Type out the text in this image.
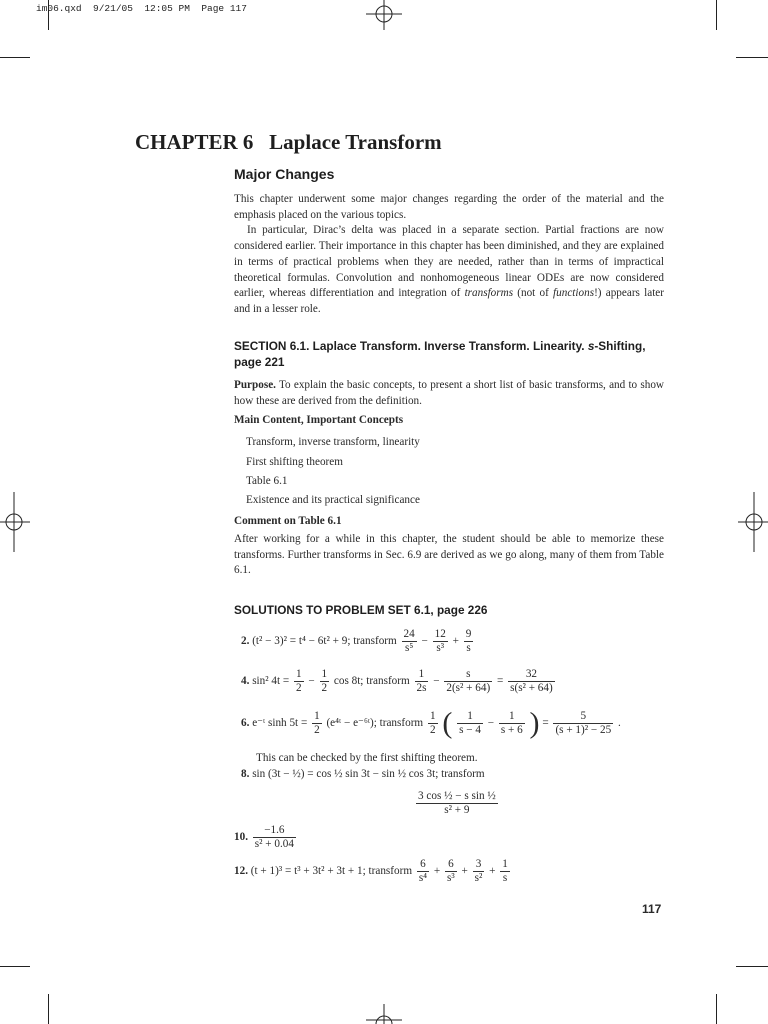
im06.qxd  9/21/05  12:05 PM  Page 117
CHAPTER 6   Laplace Transform
Major Changes

This chapter underwent some major changes regarding the order of the material and the emphasis placed on the various topics.

In particular, Dirac’s delta was placed in a separate section. Partial fractions are now considered earlier. Their importance in this chapter has been diminished, and they are explained in terms of practical problems when they are needed, rather than in terms of impractical theoretical formulas. Convolution and nonhomogeneous linear ODEs are now considered earlier, whereas differentiation and integration of transforms (not of functions!) appears later and in a lesser role.

SECTION 6.1. Laplace Transform. Inverse Transform. Linearity. s-Shifting, page 221

Purpose. To explain the basic concepts, to present a short list of basic transforms, and to show how these are derived from the definition.

Main Content, Important Concepts
Transform, inverse transform, linearity
First shifting theorem
Table 6.1
Existence and its practical significance
Comment on Table 6.1

After working for a while in this chapter, the student should be able to memorize these transforms. Further transforms in Sec. 6.9 are derived as we go along, many of them from Table 6.1.

SOLUTIONS TO PROBLEM SET 6.1, page 226
2. (t² − 3)² = t⁴ − 6t² + 9; transform $\frac{24}{\text{s⁵}} - \frac{12}{\text{s³}} + \frac{9}{s}$
4. sin² $4t = \frac{1}{2} - \frac{1}{2}$ cos 8t; transform $\frac{1}{2s} - \frac{s}{\text{2(s² + 64)}} = \frac{32}{\text{s(s² + 64)}}$
6. e⁻ᵗ $\sinh 5t = \frac{1}{2}$ (e⁴ᵗ − e⁻⁶ᵗ); transform $\frac{1}{2}$ ( $\frac{1}{s - 4} - \frac{1}{s + 6}$ ) = $\frac{5}{\text{(s + 1)² − 25}}$ .
This can be checked by the first shifting theorem.
8. sin (3t − ½) = cos ½ sin 3t − sin ½ cos 3t; transform
$\frac{\text{3 cos ½ − s sin ½}}{\text{s² + 9}}$
10. $\frac{-1.6}{\text{s² + 0.04}}$
12. (t + 1)³ = t³ + 3t² + 3t + 1; transform $\frac{6}{\text{s⁴}} + \frac{6}{\text{s³}} + \frac{3}{\text{s²}} + \frac{1}{s}$
117
